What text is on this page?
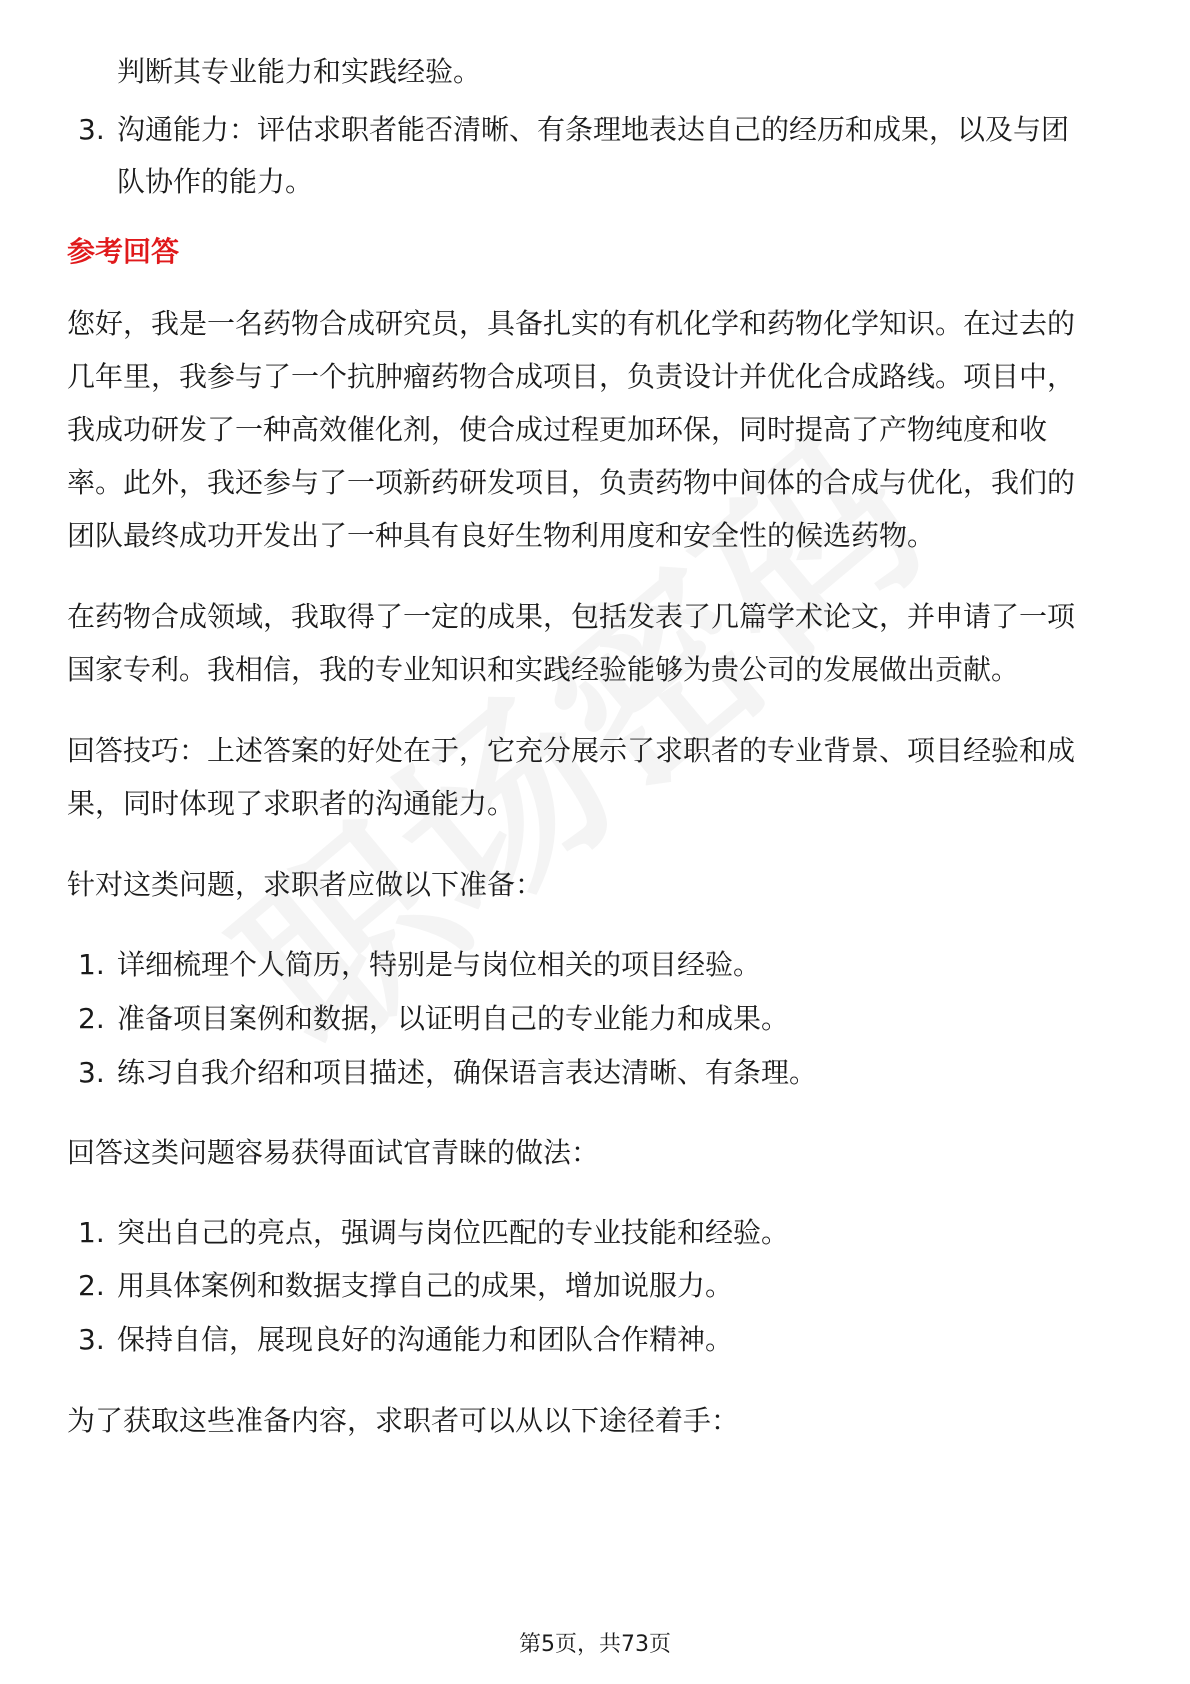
判断其专业能力和实践经验。
3. 沟通能力：评估求职者能否清晰、有条理地表达自己的经历和成果，以及与团
队协作的能力。
参考回答
您好，我是一名药物合成研究员，具备扎实的有机化学和药物化学知识。在过去的
几年里，我参与了一个抗肿瘤药物合成项目，负责设计并优化合成路线。项目中，
我成功研发了一种高效催化剂，使合成过程更加环保，同时提高了产物纯度和收
率。此外，我还参与了一项新药研发项目，负责药物中间体的合成与优化，我们的
团队最终成功开发出了一种具有良好生物利用度和安全性的候选药物。
在药物合成领域，我取得了一定的成果，包括发表了几篇学术论文，并申请了一项
国家专利。我相信，我的专业知识和实践经验能够为贵公司的发展做出贡献。
回答技巧：上述答案的好处在于，它充分展示了求职者的专业背景、项目经验和成
果，同时体现了求职者的沟通能力。
针对这类问题，求职者应做以下准备：
1. 详细梳理个人简历，特别是与岗位相关的项目经验。
2. 准备项目案例和数据，以证明自己的专业能力和成果。
3. 练习自我介绍和项目描述，确保语言表达清晰、有条理。
回答这类问题容易获得面试官青睐的做法：
1. 突出自己的亮点，强调与岗位匹配的专业技能和经验。
2. 用具体案例和数据支撑自己的成果，增加说服力。
3. 保持自信，展现良好的沟通能力和团队合作精神。
为了获取这些准备内容，求职者可以从以下途径着手：
第5页，共73页
